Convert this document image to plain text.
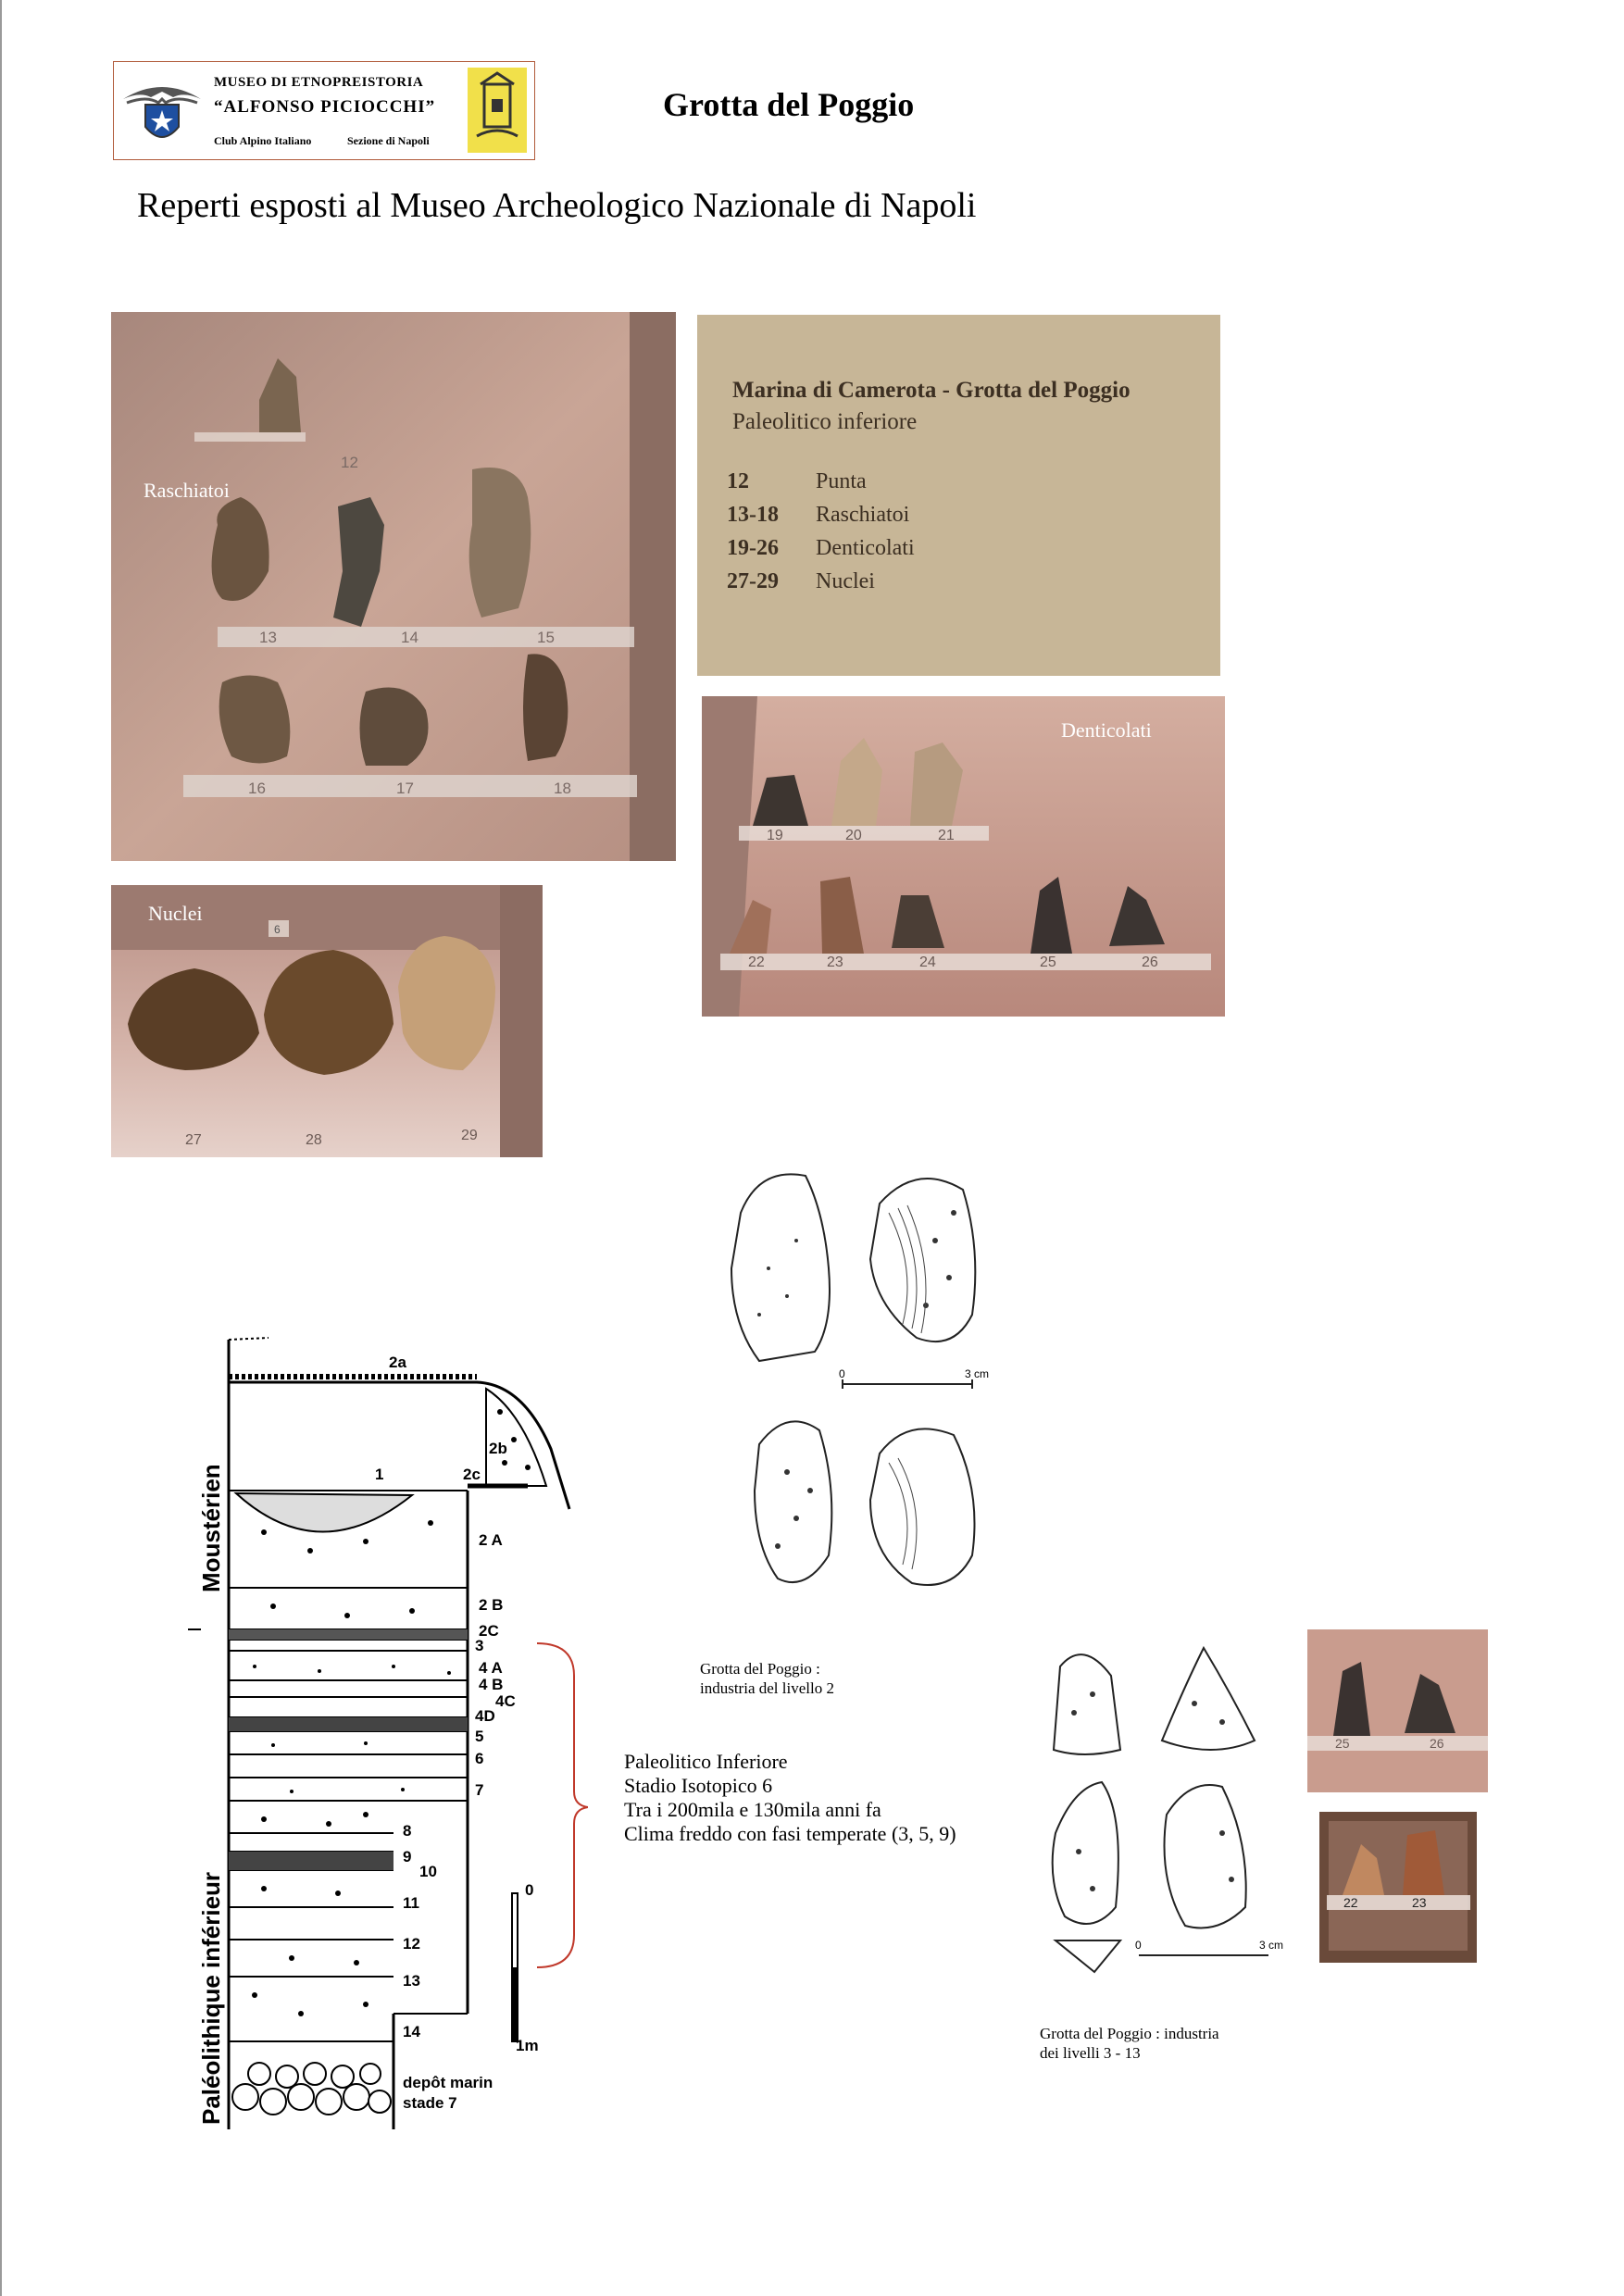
MUSEO DI ETNOPREISTORIA
“ALFONSO PICIOCCHI”
Club Alpino Italiano	Sezione di Napoli
Grotta del Poggio
Reperti esposti al Museo Archeologico Nazionale di Napoli
12
13	14	15
16	17	18
Raschiatoi
Marina di Camerota - Grotta del Poggio
Paleolitico inferiore
12	Punta
13-18 Raschiatoi
19-26 Denticolati
27-29 Nuclei
19	20	21
22	23	24	25	26
Denticolati
27	28	29
6
Nuclei
0	3 cm
Grotta del Poggio :
industria del livello 2
Moustérien
Paléolithique inférieur
2a
2b
1	2c
2 A
2 B
2C
3
4 A
4 B
4C
4D
5
6
7
8
9
10
11
12
13
14
depôt marin
stade 7
0
1m
Paleolitico Inferiore
Stadio Isotopico 6
Tra i 200mila e 130mila anni fa
Clima freddo con fasi temperate (3, 5, 9)
0	3 cm
Grotta del Poggio : industria
dei livelli 3 - 13
25	26
22	23
